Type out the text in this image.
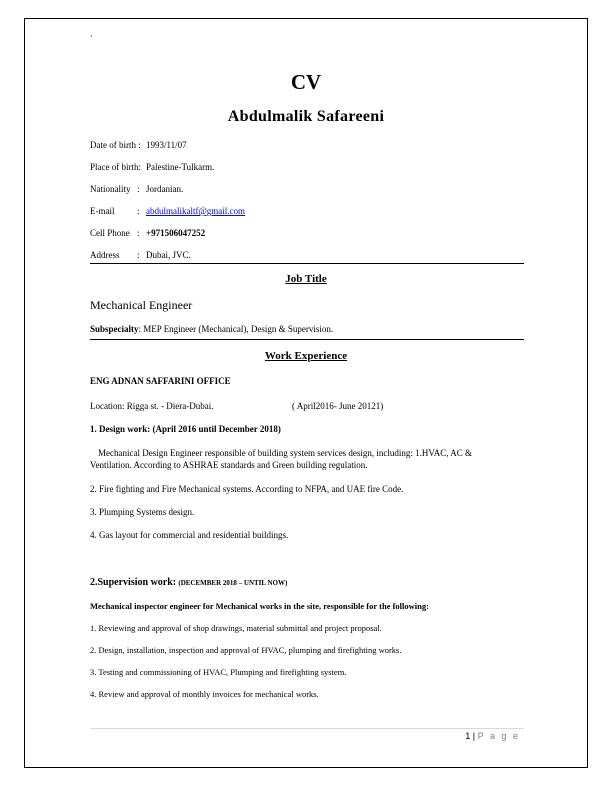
`
CV
Abdulmalik Safareeni
Date of birth : 1993/11/07
Place of birth: Palestine-Tulkarm.
Nationality : Jordanian.
E-mail	: abdulmalikaltf@gmail.com
Cell Phone : +971506047252
Address : Dubai, JVC.
Job Title
Mechanical Engineer
Subspecialty: MEP Engineer (Mechanical), Design & Supervision.
Work Experience
ENG ADNAN SAFFARINI OFFICE
Location: Rigga st. - Diera-Dubai.	( April2016- June 20121)
1. Design work: (April 2016 until December 2018)
Mechanical Design Engineer responsible of building system services design, including: 1.HVAC, AC &
Ventilation. According to ASHRAE standards and Green building regulation.
2. Fire fighting and Fire Mechanical systems. According to NFPA, and UAE fire Code.
3. Plumping Systems design.
4. Gas layout for commercial and residential buildings.
2.Supervision work: (DECEMBER 2018 – UNTIL NOW)
Mechanical inspector engineer for Mechanical works in the site, responsible for the following:
1. Reviewing and approval of shop drawings, material submittal and project proposal.
2. Design, installation, inspection and approval of HVAC, plumping and firefighting works.
3. Testing and commissioning of HVAC, Plumping and firefighting system.
4. Review and approval of monthly invoices for mechanical works.
1 | P a g e
